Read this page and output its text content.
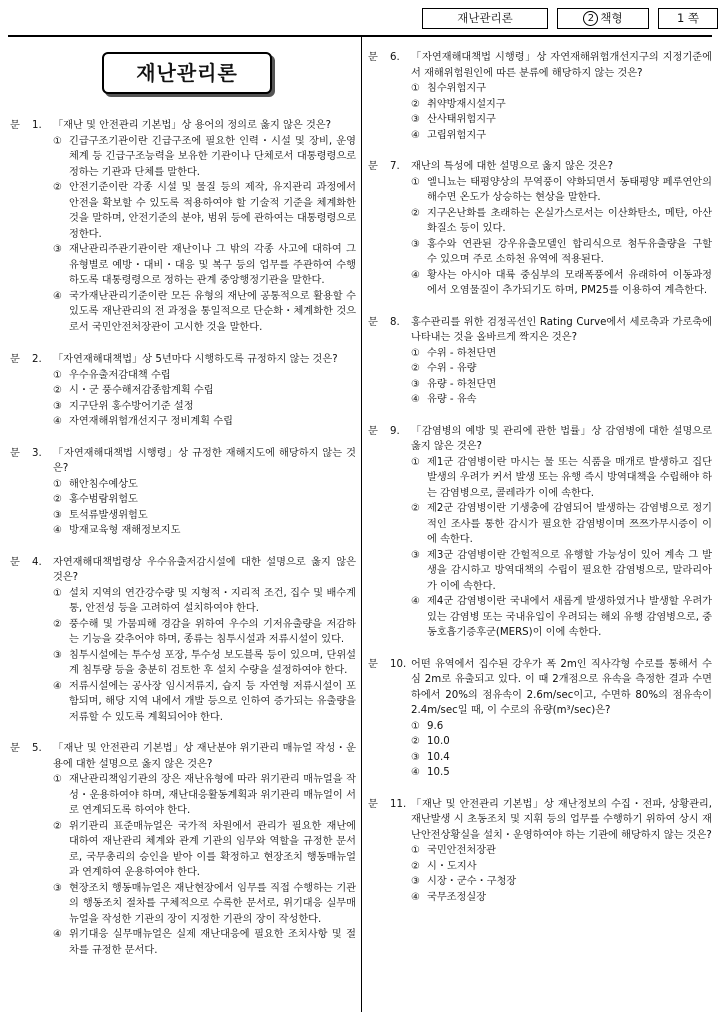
재난관리론	2 책형	1 쪽
재난관리론
문 1.	「재난 및 안전관리 기본법」상 용어의 정의로 옳지 않은 것은?
① 긴급구조기관이란 긴급구조에 필요한 인력・시설 및 장비, 운영체계 등 긴급구조능력을 보유한 기관이나 단체로서 대통령령으로 정하는 기관과 단체를 말한다.
② 안전기준이란 각종 시설 및 물질 등의 제작, 유지관리 과정에서 안전을 확보할 수 있도록 적용하여야 할 기술적 기준을 체계화한 것을 말하며, 안전기준의 분야, 범위 등에 관하여는 대통령령으로 정한다.
③ 재난관리주관기관이란 재난이나 그 밖의 각종 사고에 대하여 그 유형별로 예방・대비・대응 및 복구 등의 업무를 주관하여 수행하도록 대통령령으로 정하는 관계 중앙행정기관을 말한다.
④ 국가재난관리기준이란 모든 유형의 재난에 공통적으로 활용할 수 있도록 재난관리의 전 과정을 통일적으로 단순화・체계화한 것으로서 국민안전처장관이 고시한 것을 말한다.
문 2.	「자연재해대책법」상 5년마다 시행하도록 규정하지 않는 것은?
① 우수유출저감대책 수립
② 시・군 풍수해저감종합계획 수립
③ 지구단위 홍수방어기준 설정
④ 자연재해위험개선지구 정비계획 수립
문 3.	「자연재해대책법 시행령」상 규정한 재해지도에 해당하지 않는 것은?
① 해안침수예상도
② 홍수범람위험도
③ 토석류발생위험도
④ 방재교육형 재해정보지도
문 4.	자연재해대책법령상 우수유출저감시설에 대한 설명으로 옳지 않은 것은?
① 설치 지역의 연간강수량 및 지형적・지리적 조건, 집수 및 배수계통, 안전성 등을 고려하여 설치하여야 한다.
② 풍수해 및 가뭄피해 경감을 위하여 우수의 기저유출량을 저감하는 기능을 갖추어야 하며, 종류는 침투시설과 저류시설이 있다.
③ 침투시설에는 투수성 포장, 투수성 보도블록 등이 있으며, 단위설계 침투량 등을 충분히 검토한 후 설치 수량을 설정하여야 한다.
④ 저류시설에는 공사장 임시저류지, 습지 등 자연형 저류시설이 포함되며, 해당 지역 내에서 개발 등으로 인하여 증가되는 유출량을 저류할 수 있도록 계획되어야 한다.
문 5.	「재난 및 안전관리 기본법」상 재난분야 위기관리 매뉴얼 작성・운용에 대한 설명으로 옳지 않은 것은?
① 재난관리책임기관의 장은 재난유형에 따라 위기관리 매뉴얼을 작성・운용하여야 하며, 재난대응활동계획과 위기관리 매뉴얼이 서로 연계되도록 하여야 한다.
② 위기관리 표준매뉴얼은 국가적 차원에서 관리가 필요한 재난에 대하여 재난관리 체계와 관계 기관의 임무와 역할을 규정한 문서로, 국무총리의 승인을 받아 이를 확정하고 현장조치 행동매뉴얼과 연계하여 운용하여야 한다.
③ 현장조치 행동매뉴얼은 재난현장에서 임무를 직접 수행하는 기관의 행동조치 절차를 구체적으로 수록한 문서로, 위기대응 실무매뉴얼을 작성한 기관의 장이 지정한 기관의 장이 작성한다.
④ 위기대응 실무매뉴얼은 실제 재난대응에 필요한 조치사항 및 절차를 규정한 문서다.
문 6.	「자연재해대책법 시행령」상 자연재해위험개선지구의 지정기준에서 재해위험원인에 따른 분류에 해당하지 않는 것은?
① 침수위험지구
② 취약방재시설지구
③ 산사태위험지구
④ 고립위험지구
문 7.	재난의 특성에 대한 설명으로 옳지 않은 것은?
① 엘니뇨는 태평양상의 무역풍이 약화되면서 동태평양 페루연안의 해수면 온도가 상승하는 현상을 말한다.
② 지구온난화를 초래하는 온실가스로서는 이산화탄소, 메탄, 아산화질소 등이 있다.
③ 홍수와 연관된 강우유출모델인 합리식으로 첨두유출량을 구할 수 있으며 주로 소하천 유역에 적용된다.
④ 황사는 아시아 대륙 중심부의 모래폭풍에서 유래하여 이동과정에서 오염물질이 추가되기도 하며, PM25를 이용하여 계측한다.
문 8.	홍수관리를 위한 검정곡선인 Rating Curve에서 세로축과 가로축에 나타내는 것을 올바르게 짝지은 것은?
① 수위 - 하천단면
② 수위 - 유량
③ 유량 - 하천단면
④ 유량 - 유속
문 9.	「감염병의 예방 및 관리에 관한 법률」상 감염병에 대한 설명으로 옳지 않은 것은?
① 제1군 감염병이란 마시는 물 또는 식품을 매개로 발생하고 집단발생의 우려가 커서 발생 또는 유행 즉시 방역대책을 수립해야 하는 감염병으로, 콜레라가 이에 속한다.
② 제2군 감염병이란 기생충에 감염되어 발생하는 감염병으로 정기적인 조사를 통한 감시가 필요한 감염병이며 쯔쯔가무시증이 이에 속한다.
③ 제3군 감염병이란 간헐적으로 유행할 가능성이 있어 계속 그 발생을 감시하고 방역대책의 수립이 필요한 감염병으로, 말라리아가 이에 속한다.
④ 제4군 감염병이란 국내에서 새롭게 발생하였거나 발생할 우려가 있는 감염병 또는 국내유입이 우려되는 해외 유행 감염병으로, 중동호흡기증후군(MERS)이 이에 속한다.
문 10. 어떤 유역에서 집수된 강우가 폭 2m인 직사각형 수로를 통해서 수심 2m로 유출되고 있다. 이 때 2개점으로 유속을 측정한 결과 수면하에서 20%의 점유속이 2.6m/sec이고, 수면하 80%의 점유속이 2.4m/sec일 때, 이 수로의 유량(m³/sec)은?
① 9.6
② 10.0
③ 10.4
④ 10.5
문 11. 「재난 및 안전관리 기본법」상 재난정보의 수집・전파, 상황관리, 재난발생 시 초동조치 및 지휘 등의 업무를 수행하기 위하여 상시 재난안전상황실을 설치・운영하여야 하는 기관에 해당하지 않는 것은?
① 국민안전처장관
② 시・도지사
③ 시장・군수・구청장
④ 국무조정실장
